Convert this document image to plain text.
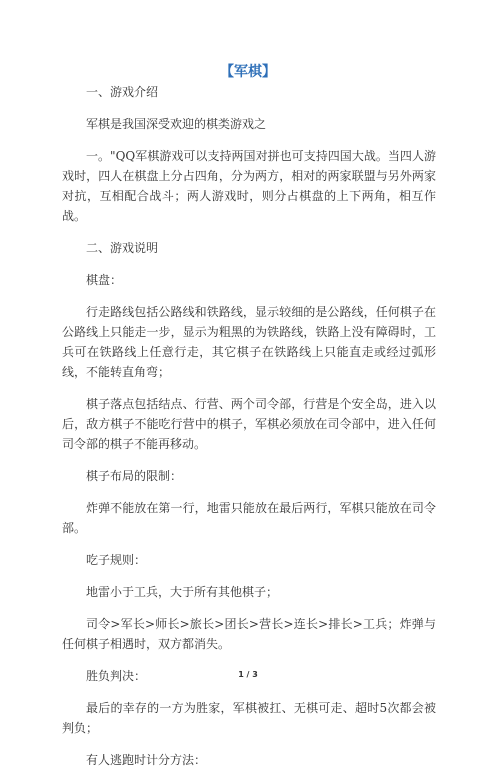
【军棋】

一、游戏介绍

军棋是我国深受欢迎的棋类游戏之

一。"QQ军棋游戏可以支持两国对拼也可支持四国大战。当四人游戏时，四人在棋盘上分占四角，分为两方，相对的两家联盟与另外两家对抗，互相配合战斗；两人游戏时，则分占棋盘的上下两角，相互作战。

二、游戏说明

棋盘：

行走路线包括公路线和铁路线，显示较细的是公路线，任何棋子在公路线上只能走一步，显示为粗黑的为铁路线，铁路上没有障碍时，工兵可在铁路线上任意行走，其它棋子在铁路线上只能直走或经过弧形线，不能转直角弯；

棋子落点包括结点、行营、两个司令部，行营是个安全岛，进入以后，敌方棋子不能吃行营中的棋子，军棋必须放在司令部中，进入任何司令部的棋子不能再移动。

棋子布局的限制：

炸弹不能放在第一行，地雷只能放在最后两行，军棋只能放在司令部。

吃子规则：

地雷小于工兵，大于所有其他棋子；

司令>军长>师长>旅长>团长>营长>连长>排长>工兵；炸弹与任何棋子相遇时，双方都消失。

胜负判决：

最后的幸存的一方为胜家，军棋被扛、无棋可走、超时5次都会被判负；

有人逃跑时计分方法：

1 / 3
